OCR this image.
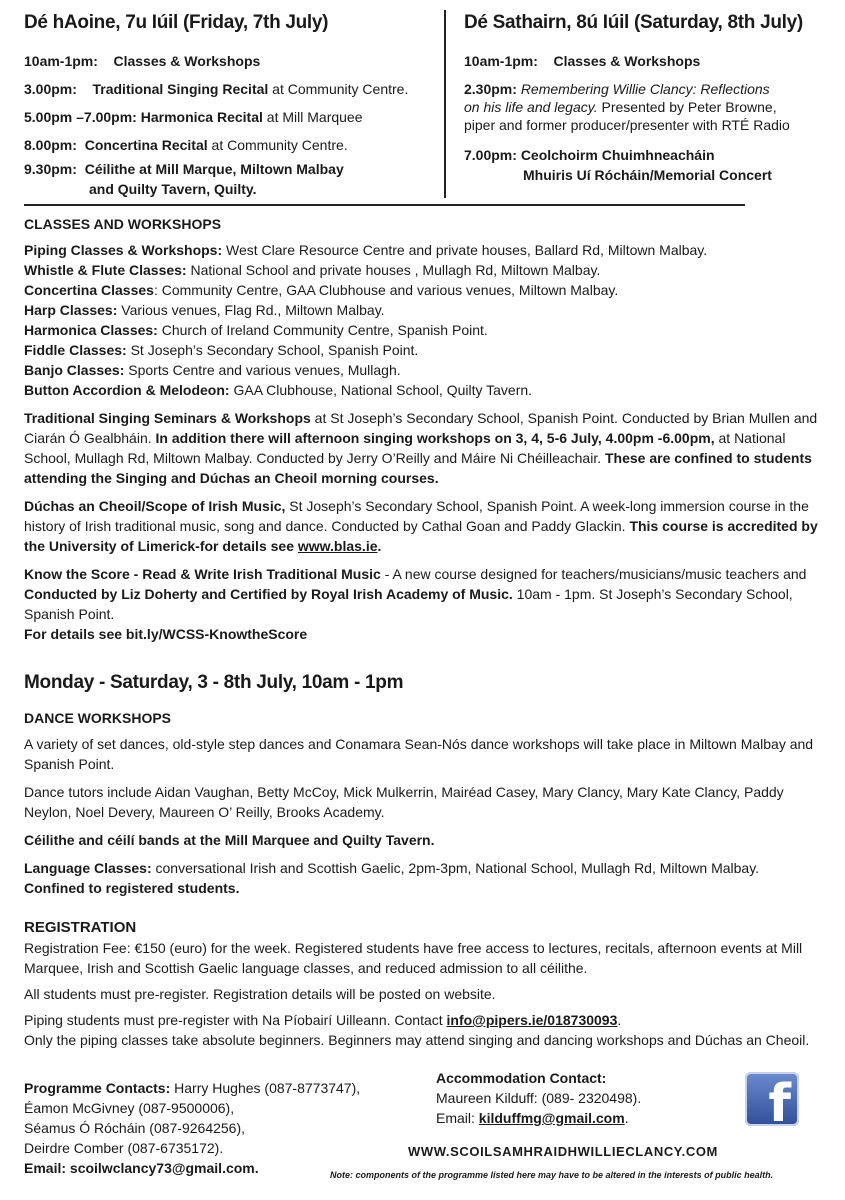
Dé hAoine, 7u Iúil (Friday, 7th July)
10am-1pm: Classes & Workshops
3.00pm: Traditional Singing Recital at Community Centre.
5.00pm –7.00pm: Harmonica Recital at Mill Marquee
8.00pm: Concertina Recital at Community Centre.
9.30pm: Céilithe at Mill Marque, Miltown Malbay
and Quilty Tavern, Quilty.
Dé Sathairn, 8ú Iúil (Saturday, 8th July)
10am-1pm: Classes & Workshops
2.30pm: Remembering Willie Clancy: Reflections
on his life and legacy. Presented by Peter Browne,
piper and former producer/presenter with RTÉ Radio
7.00pm: Ceolchoirm Chuimhneacháin
Mhuiris Uí Rócháin/Memorial Concert

CLASSES AND WORKSHOPS

Piping Classes & Workshops: West Clare Resource Centre and private houses, Ballard Rd, Miltown Malbay.

Whistle & Flute Classes: National School and private houses , Mullagh Rd, Miltown Malbay.

Concertina Classes: Community Centre, GAA Clubhouse and various venues, Miltown Malbay.

Harp Classes: Various venues, Flag Rd., Miltown Malbay.

Harmonica Classes: Church of Ireland Community Centre, Spanish Point.

Fiddle Classes: St Joseph’s Secondary School, Spanish Point.

Banjo Classes: Sports Centre and various venues, Mullagh.

Button Accordion & Melodeon: GAA Clubhouse, National School, Quilty Tavern.

Traditional Singing Seminars & Workshops at St Joseph’s Secondary School, Spanish Point. Conducted by Brian Mullen and Ciarán Ó Gealbháin. In addition there will afternoon singing workshops on 3, 4, 5-6 July, 4.00pm -6.00pm, at National School, Mullagh Rd, Miltown Malbay. Conducted by Jerry O’Reilly and Máire Ni Chéilleachair. These are confined to students attending the Singing and Dúchas an Cheoil morning courses.

Dúchas an Cheoil/Scope of Irish Music, St Joseph’s Secondary School, Spanish Point. A week-long immersion course in the history of Irish traditional music, song and dance. Conducted by Cathal Goan and Paddy Glackin. This course is accredited by the University of Limerick-for details see www.blas.ie.

Know the Score - Read & Write Irish Traditional Music - A new course designed for teachers/musicians/music teachers and Conducted by Liz Doherty and Certified by Royal Irish Academy of Music. 10am - 1pm. St Joseph’s Secondary School, Spanish Point.

For details see bit.ly/WCSS-KnowtheScore

Monday - Saturday, 3 - 8th July, 10am - 1pm

DANCE WORKSHOPS

A variety of set dances, old-style step dances and Conamara Sean-Nós dance workshops will take place in Miltown Malbay and Spanish Point.

Dance tutors include Aidan Vaughan, Betty McCoy, Mick Mulkerrin, Mairéad Casey, Mary Clancy, Mary Kate Clancy, Paddy Neylon, Noel Devery, Maureen O’ Reilly, Brooks Academy.

Céilithe and céilí bands at the Mill Marquee and Quilty Tavern.

Language Classes: conversational Irish and Scottish Gaelic, 2pm-3pm, National School, Mullagh Rd, Miltown Malbay. Confined to registered students.

REGISTRATION

Registration Fee: €150 (euro) for the week. Registered students have free access to lectures, recitals, afternoon events at Mill Marquee, Irish and Scottish Gaelic language classes, and reduced admission to all céilithe.

All students must pre-register. Registration details will be posted on website.

Piping students must pre-register with Na Píobairí Uilleann. Contact info@pipers.ie/018730093.

Only the piping classes take absolute beginners. Beginners may attend singing and dancing workshops and Dúchas an Cheoil.

Programme Contacts: Harry Hughes (087-8773747),

Éamon McGivney (087-9500006),

Séamus Ó Rócháin (087-9264256),

Deirdre Comber (087-6735172).

Email: scoilwclancy73@gmail.com.

Accommodation Contact:

Maureen Kilduff: (089- 2320498).

Email: kilduffmg@gmail.com.	f
WWW.SCOILSAMHRAIDHWILLIECLANCY.COM
Note: components of the programme listed here may have to be altered in the interests of public health.
